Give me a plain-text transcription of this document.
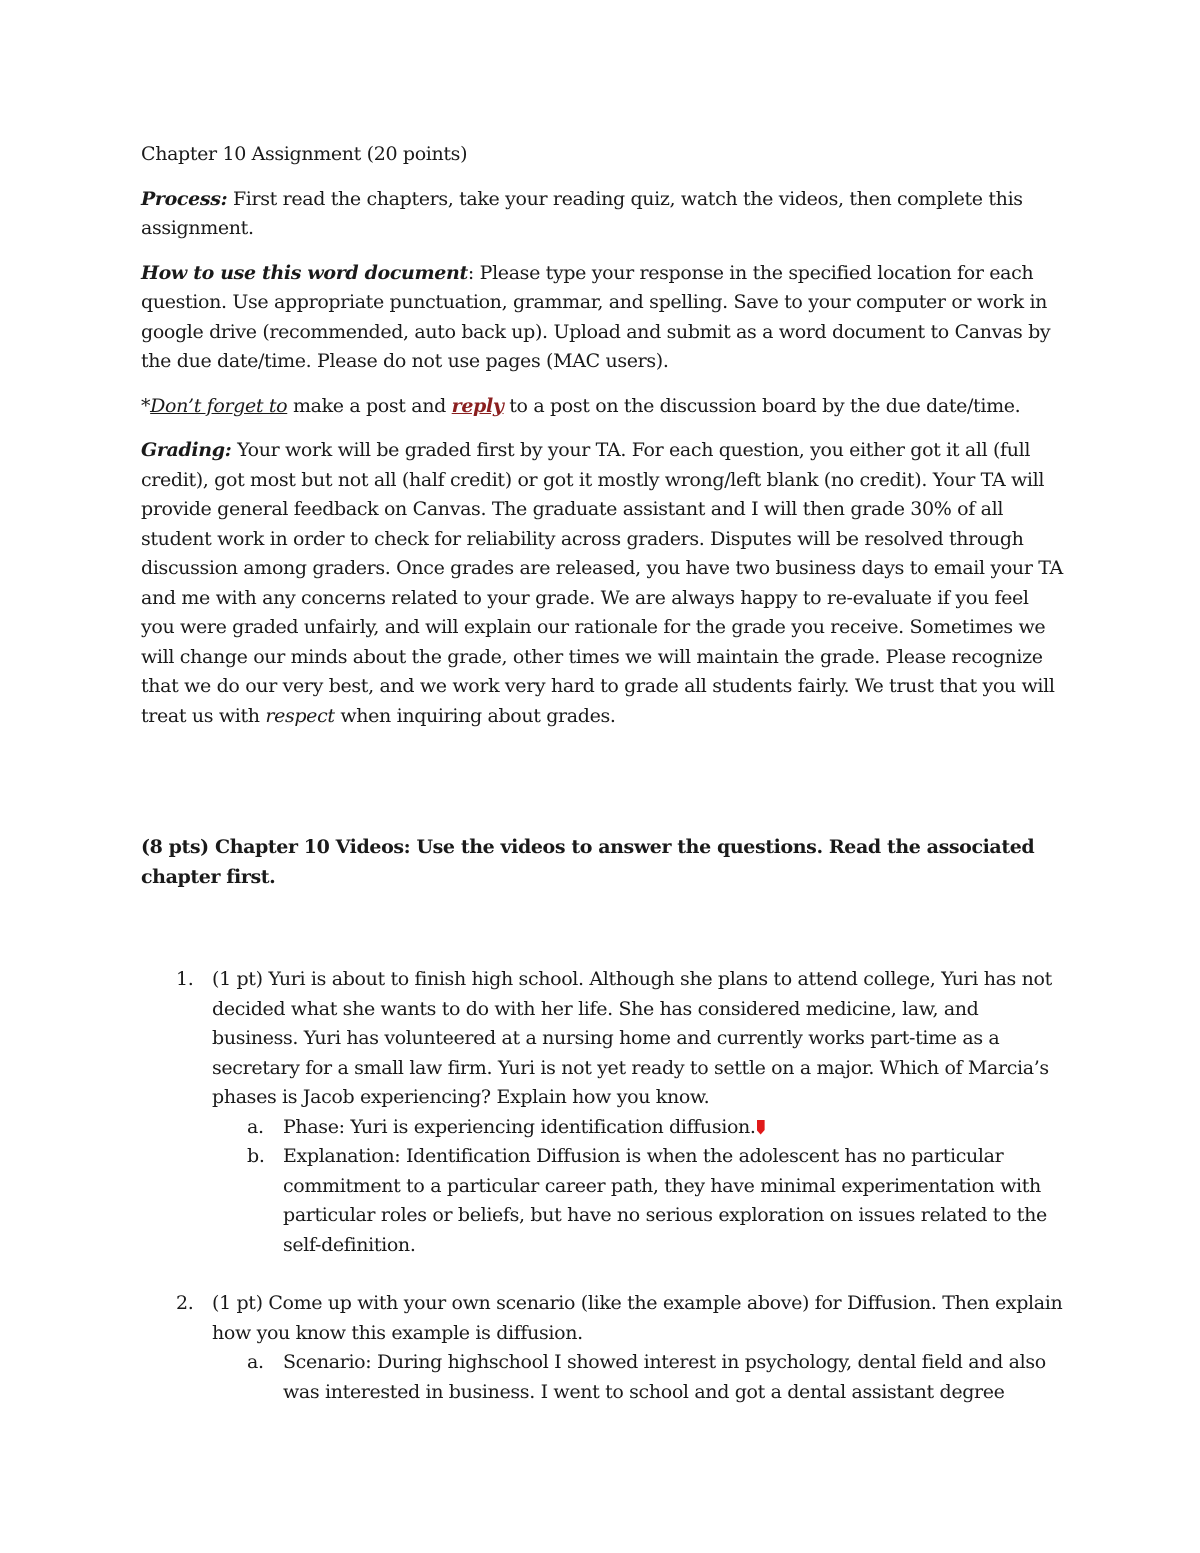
Chapter 10 Assignment (20 points)

Process: First read the chapters, take your reading quiz, watch the videos, then complete this assignment.

How to use this word document: Please type your response in the specified location for each question. Use appropriate punctuation, grammar, and spelling. Save to your computer or work in google drive (recommended, auto back up). Upload and submit as a word document to Canvas by the due date/time. Please do not use pages (MAC users).

*Don’t forget to make a post and reply to a post on the discussion board by the due date/time.

Grading: Your work will be graded first by your TA. For each question, you either got it all (full credit), got most but not all (half credit) or got it mostly wrong/left blank (no credit). Your TA will provide general feedback on Canvas. The graduate assistant and I will then grade 30% of all student work in order to check for reliability across graders. Disputes will be resolved through discussion among graders. Once grades are released, you have two business days to email your TA and me with any concerns related to your grade. We are always happy to re-evaluate if you feel you were graded unfairly, and will explain our rationale for the grade you receive. Sometimes we will change our minds about the grade, other times we will maintain the grade. Please recognize that we do our very best, and we work very hard to grade all students fairly. We trust that you will treat us with respect when inquiring about grades.

(8 pts) Chapter 10 Videos: Use the videos to answer the questions. Read the associated chapter first.
1. (1 pt) Yuri is about to finish high school. Although she plans to attend college, Yuri has not decided what she wants to do with her life. She has considered medicine, law, and business. Yuri has volunteered at a nursing home and currently works part-time as a secretary for a small law firm. Yuri is not yet ready to settle on a major. Which of Marcia’s phases is Jacob experiencing? Explain how you know.
a. Phase: Yuri is experiencing identification diffusion.
b. Explanation: Identification Diffusion is when the adolescent has no particular commitment to a particular career path, they have minimal experimentation with particular roles or beliefs, but have no serious exploration on issues related to the self-definition.
2. (1 pt) Come up with your own scenario (like the example above) for Diffusion. Then explain how you know this example is diffusion.
a. Scenario: During highschool I showed interest in psychology, dental field and also was interested in business. I went to school and got a dental assistant degree
